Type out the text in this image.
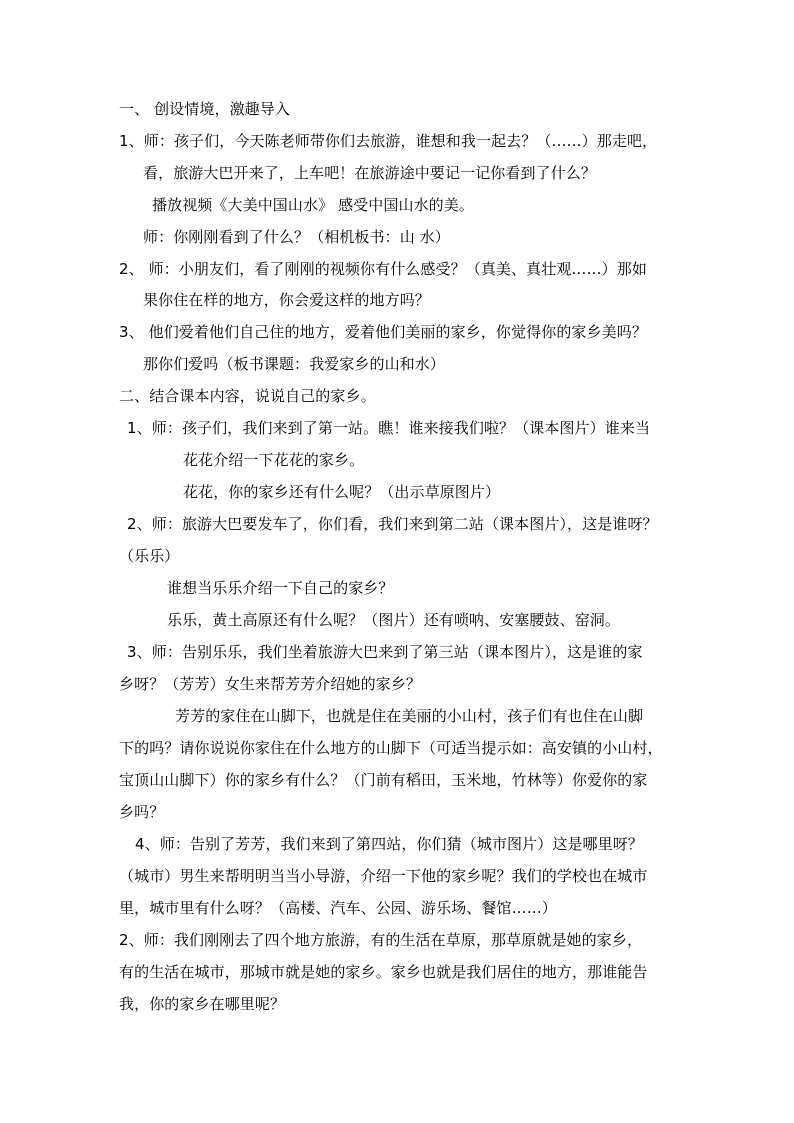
一、 创设情境，激趣导入
1、师：孩子们，今天陈老师带你们去旅游，谁想和我一起去？（……）那走吧，
看，旅游大巴开来了，上车吧！在旅游途中要记一记你看到了什么？
播放视频《大美中国山水》 感受中国山水的美。
师：你刚刚看到了什么？（相机板书：山 水）
2、 师：小朋友们，看了刚刚的视频你有什么感受？（真美、真壮观……）那如
果你住在样的地方，你会爱这样的地方吗？
3、 他们爱着他们自己住的地方，爱着他们美丽的家乡，你觉得你的家乡美吗？
那你们爱吗（板书课题：我爱家乡的山和水）
二、结合课本内容，说说自己的家乡。
1、师：孩子们，我们来到了第一站。瞧！谁来接我们啦？（课本图片）谁来当
花花介绍一下花花的家乡。
花花，你的家乡还有什么呢？（出示草原图片）
2、师：旅游大巴要发车了，你们看，我们来到第二站（课本图片），这是谁呀？
（乐乐）
谁想当乐乐介绍一下自己的家乡？
乐乐，黄土高原还有什么呢？（图片）还有唢呐、安塞腰鼓、窑洞。
3、师：告别乐乐，我们坐着旅游大巴来到了第三站（课本图片），这是谁的家
乡呀？（芳芳）女生来帮芳芳介绍她的家乡？
芳芳的家住在山脚下，也就是住在美丽的小山村，孩子们有也住在山脚
下的吗？请你说说你家住在什么地方的山脚下（可适当提示如：高安镇的小山村，
宝顶山山脚下）你的家乡有什么？（门前有稻田，玉米地，竹林等）你爱你的家
乡吗？
4、师：告别了芳芳，我们来到了第四站，你们猜（城市图片）这是哪里呀？
（城市）男生来帮明明当当小导游，介绍一下他的家乡呢？我们的学校也在城市
里，城市里有什么呀？（高楼、汽车、公园、游乐场、餐馆……）
2、师：我们刚刚去了四个地方旅游，有的生活在草原，那草原就是她的家乡，
有的生活在城市，那城市就是她的家乡。家乡也就是我们居住的地方，那谁能告
我，你的家乡在哪里呢？
